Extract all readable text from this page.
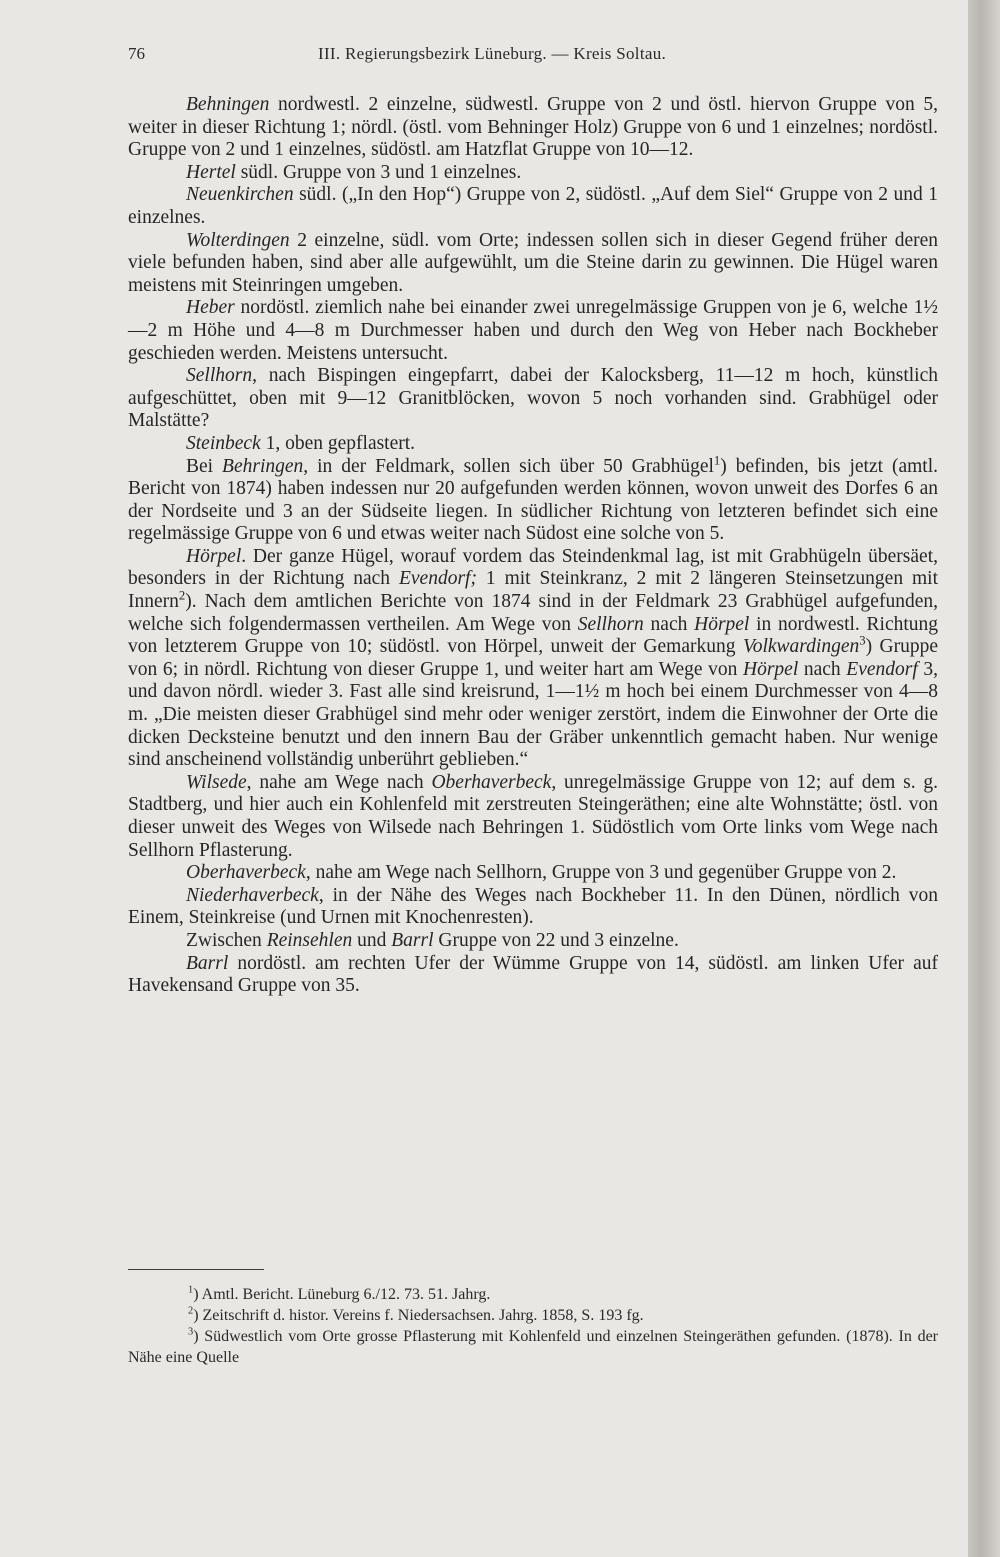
76	III. Regierungsbezirk Lüneburg. — Kreis Soltau.

Behningen nordwestl. 2 einzelne, südwestl. Gruppe von 2 und östl. hiervon Gruppe von 5, weiter in dieser Richtung 1; nördl. (östl. vom Behninger Holz) Gruppe von 6 und 1 einzelnes; nordöstl. Gruppe von 2 und 1 einzelnes, südöstl. am Hatzflat Gruppe von 10—12.

Hertel südl. Gruppe von 3 und 1 einzelnes.

Neuenkirchen südl. („In den Hop“) Gruppe von 2, südöstl. „Auf dem Siel“ Gruppe von 2 und 1 einzelnes.

Wolterdingen 2 einzelne, südl. vom Orte; indessen sollen sich in dieser Gegend früher deren viele befunden haben, sind aber alle aufgewühlt, um die Steine darin zu gewinnen. Die Hügel waren meistens mit Steinringen umgeben.

Heber nordöstl. ziemlich nahe bei einander zwei unregelmässige Gruppen von je 6, welche 1½—2 m Höhe und 4—8 m Durchmesser haben und durch den Weg von Heber nach Bockheber geschieden werden. Meistens untersucht.

Sellhorn, nach Bispingen eingepfarrt, dabei der Kalocksberg, 11—12 m hoch, künstlich aufgeschüttet, oben mit 9—12 Granitblöcken, wovon 5 noch vorhanden sind. Grabhügel oder Malstätte?

Steinbeck 1, oben gepflastert.

Bei Behringen, in der Feldmark, sollen sich über 50 Grabhügel$^1$) befinden, bis jetzt (amtl. Bericht von 1874) haben indessen nur 20 aufgefunden werden können, wovon unweit des Dorfes 6 an der Nordseite und 3 an der Südseite liegen. In südlicher Richtung von letzteren befindet sich eine regelmässige Gruppe von 6 und etwas weiter nach Südost eine solche von 5.

Hörpel. Der ganze Hügel, worauf vordem das Steindenkmal lag, ist mit Grabhügeln übersäet, besonders in der Richtung nach Evendorf; 1 mit Steinkranz, 2 mit 2 längeren Steinsetzungen mit Innern$^2$). Nach dem amtlichen Berichte von 1874 sind in der Feldmark 23 Grabhügel aufgefunden, welche sich folgendermassen vertheilen. Am Wege von Sellhorn nach Hörpel in nordwestl. Richtung von letzterem Gruppe von 10; südöstl. von Hörpel, unweit der Gemarkung Volkwardingen$^3$) Gruppe von 6; in nördl. Richtung von dieser Gruppe 1, und weiter hart am Wege von Hörpel nach Evendorf 3, und davon nördl. wieder 3. Fast alle sind kreisrund, 1—1½ m hoch bei einem Durchmesser von 4—8 m. „Die meisten dieser Grabhügel sind mehr oder weniger zerstört, indem die Einwohner der Orte die dicken Decksteine benutzt und den innern Bau der Gräber unkenntlich gemacht haben. Nur wenige sind anscheinend vollständig unberührt geblieben.“

Wilsede, nahe am Wege nach Oberhaverbeck, unregelmässige Gruppe von 12; auf dem s. g. Stadtberg, und hier auch ein Kohlenfeld mit zerstreuten Steingeräthen; eine alte Wohnstätte; östl. von dieser unweit des Weges von Wilsede nach Behringen 1. Südöstlich vom Orte links vom Wege nach Sellhorn Pflasterung.

Oberhaverbeck, nahe am Wege nach Sellhorn, Gruppe von 3 und gegenüber Gruppe von 2.

Niederhaverbeck, in der Nähe des Weges nach Bockheber 11. In den Dünen, nördlich von Einem, Steinkreise (und Urnen mit Knochenresten).

Zwischen Reinsehlen und Barrl Gruppe von 22 und 3 einzelne.

Barrl nordöstl. am rechten Ufer der Wümme Gruppe von 14, südöstl. am linken Ufer auf Havekensand Gruppe von 35.

$^1$) Amtl. Bericht. Lüneburg 6./12. 73. 51. Jahrg.

$^2$) Zeitschrift d. histor. Vereins f. Niedersachsen. Jahrg. 1858, S. 193 fg.

$^3$) Südwestlich vom Orte grosse Pflasterung mit Kohlenfeld und einzelnen Steingeräthen gefunden. (1878). In der Nähe eine Quelle
